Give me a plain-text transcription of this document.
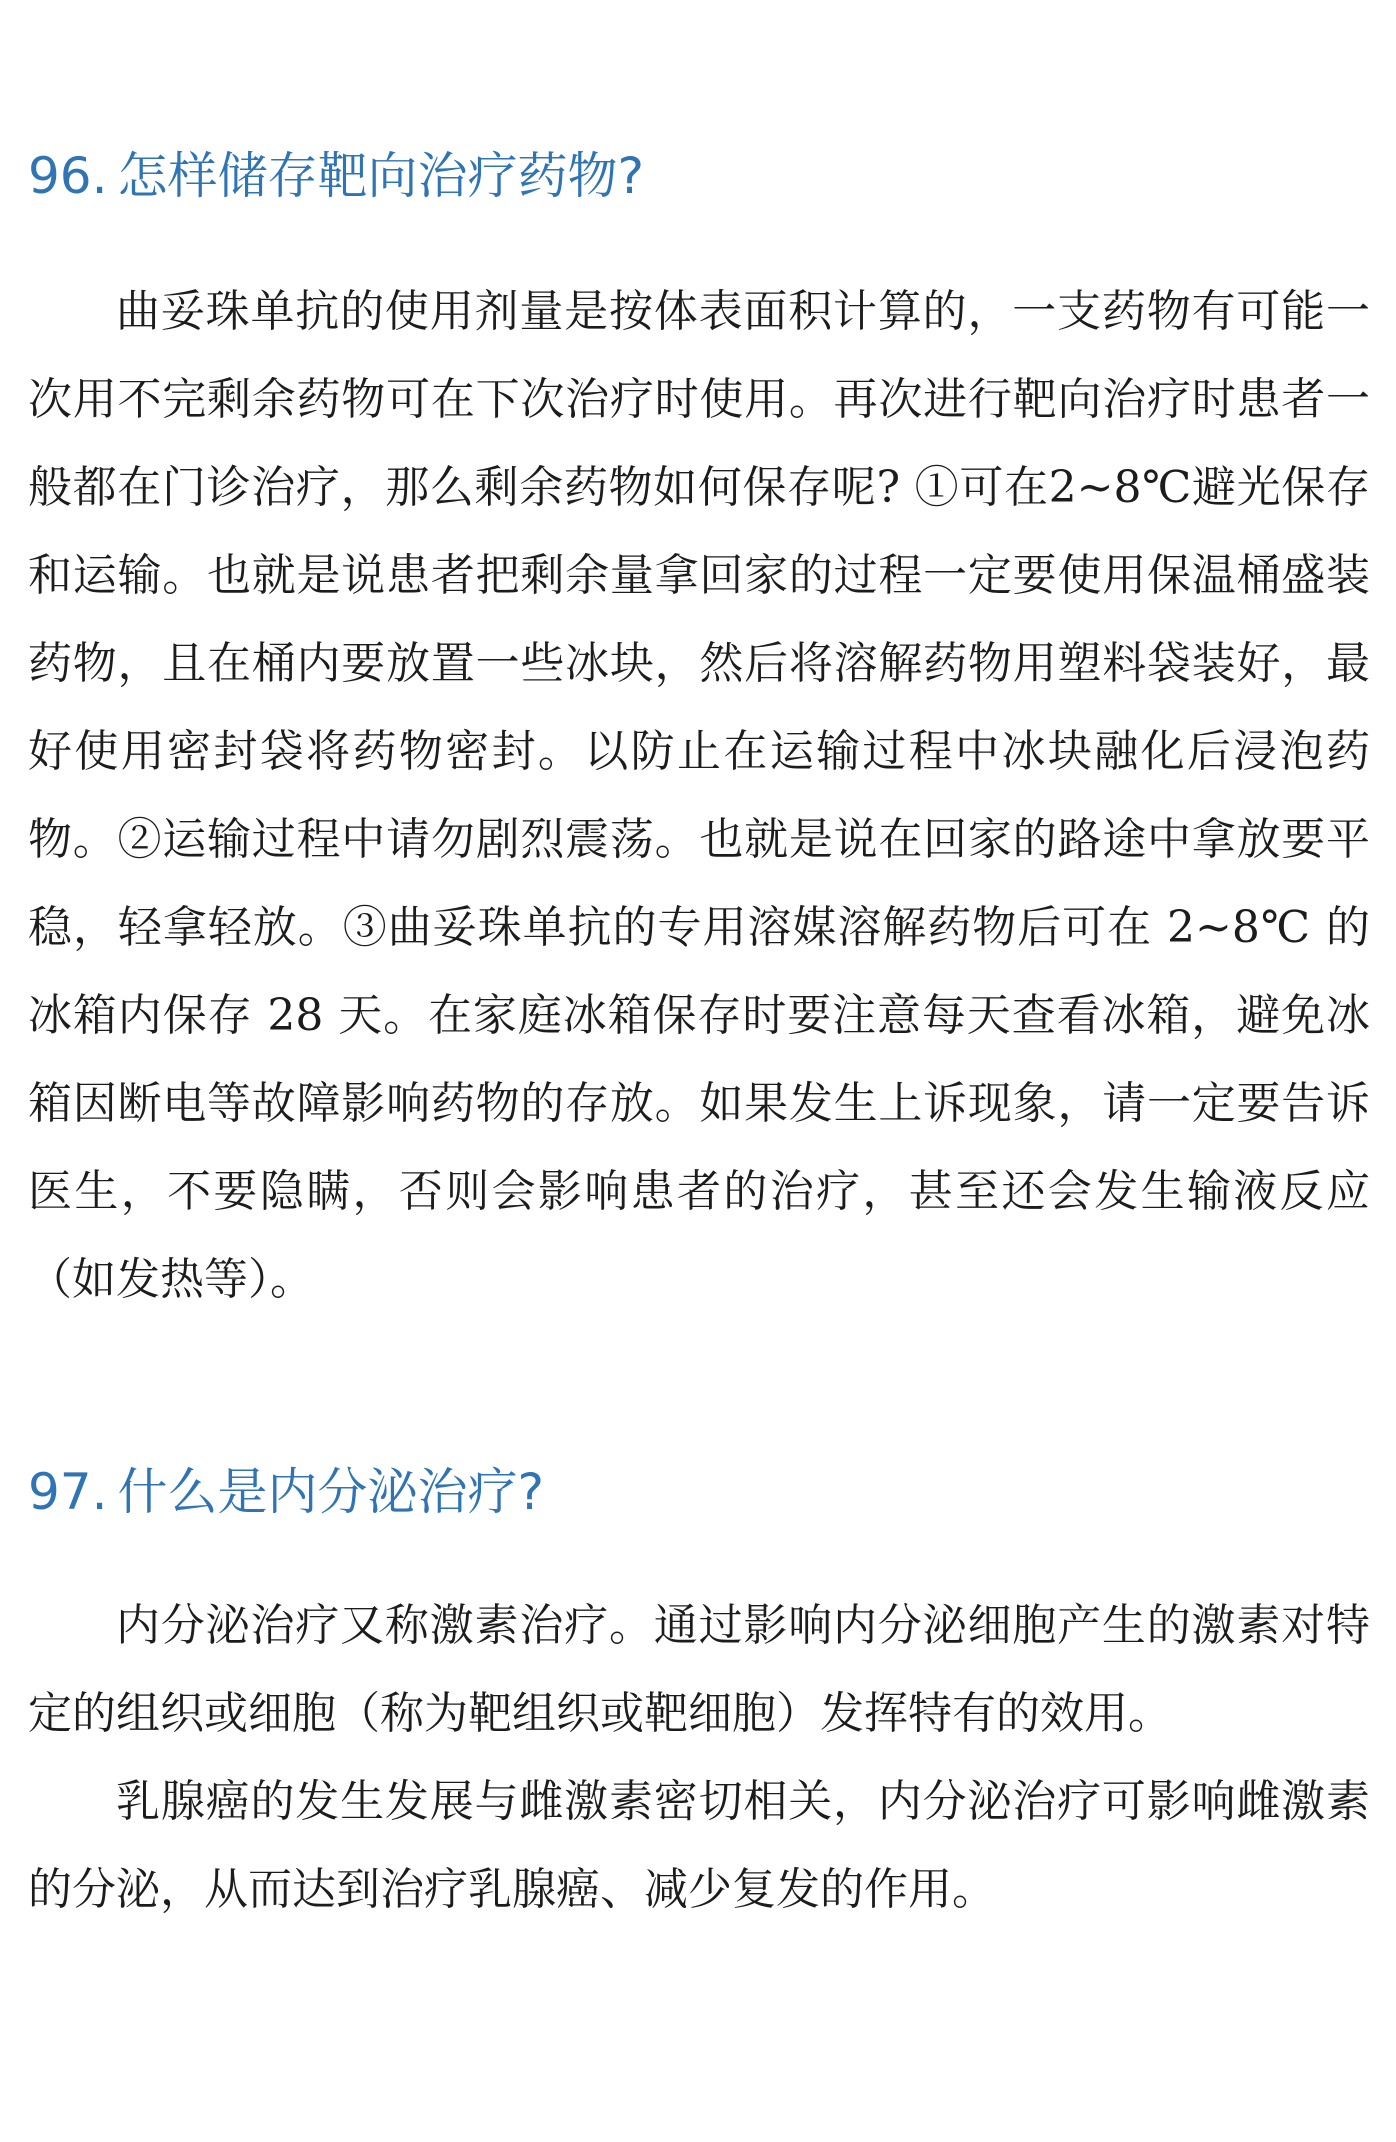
96. 怎样储存靶向治疗药物?

曲妥珠单抗的使用剂量是按体表面积计算的，一支药物有可能一次用不完剩余药物可在下次治疗时使用。再次进行靶向治疗时患者一般都在门诊治疗，那么剩余药物如何保存呢? ①可在2~8℃避光保存和运输。也就是说患者把剩余量拿回家的过程一定要使用保温桶盛装药物，且在桶内要放置一些冰块，然后将溶解药物用塑料袋装好，最好使用密封袋将药物密封。以防止在运输过程中冰块融化后浸泡药物。②运输过程中请勿剧烈震荡。也就是说在回家的路途中拿放要平稳，轻拿轻放。③曲妥珠单抗的专用溶媒溶解药物后可在 2~8℃ 的冰箱内保存 28 天。在家庭冰箱保存时要注意每天查看冰箱，避免冰箱因断电等故障影响药物的存放。如果发生上诉现象，请一定要告诉医生，不要隐瞒，否则会影响患者的治疗，甚至还会发生输液反应（如发热等）。

97. 什么是内分泌治疗?

内分泌治疗又称激素治疗。通过影响内分泌细胞产生的激素对特定的组织或细胞（称为靶组织或靶细胞）发挥特有的效用。

乳腺癌的发生发展与雌激素密切相关，内分泌治疗可影响雌激素的分泌，从而达到治疗乳腺癌、减少复发的作用。
